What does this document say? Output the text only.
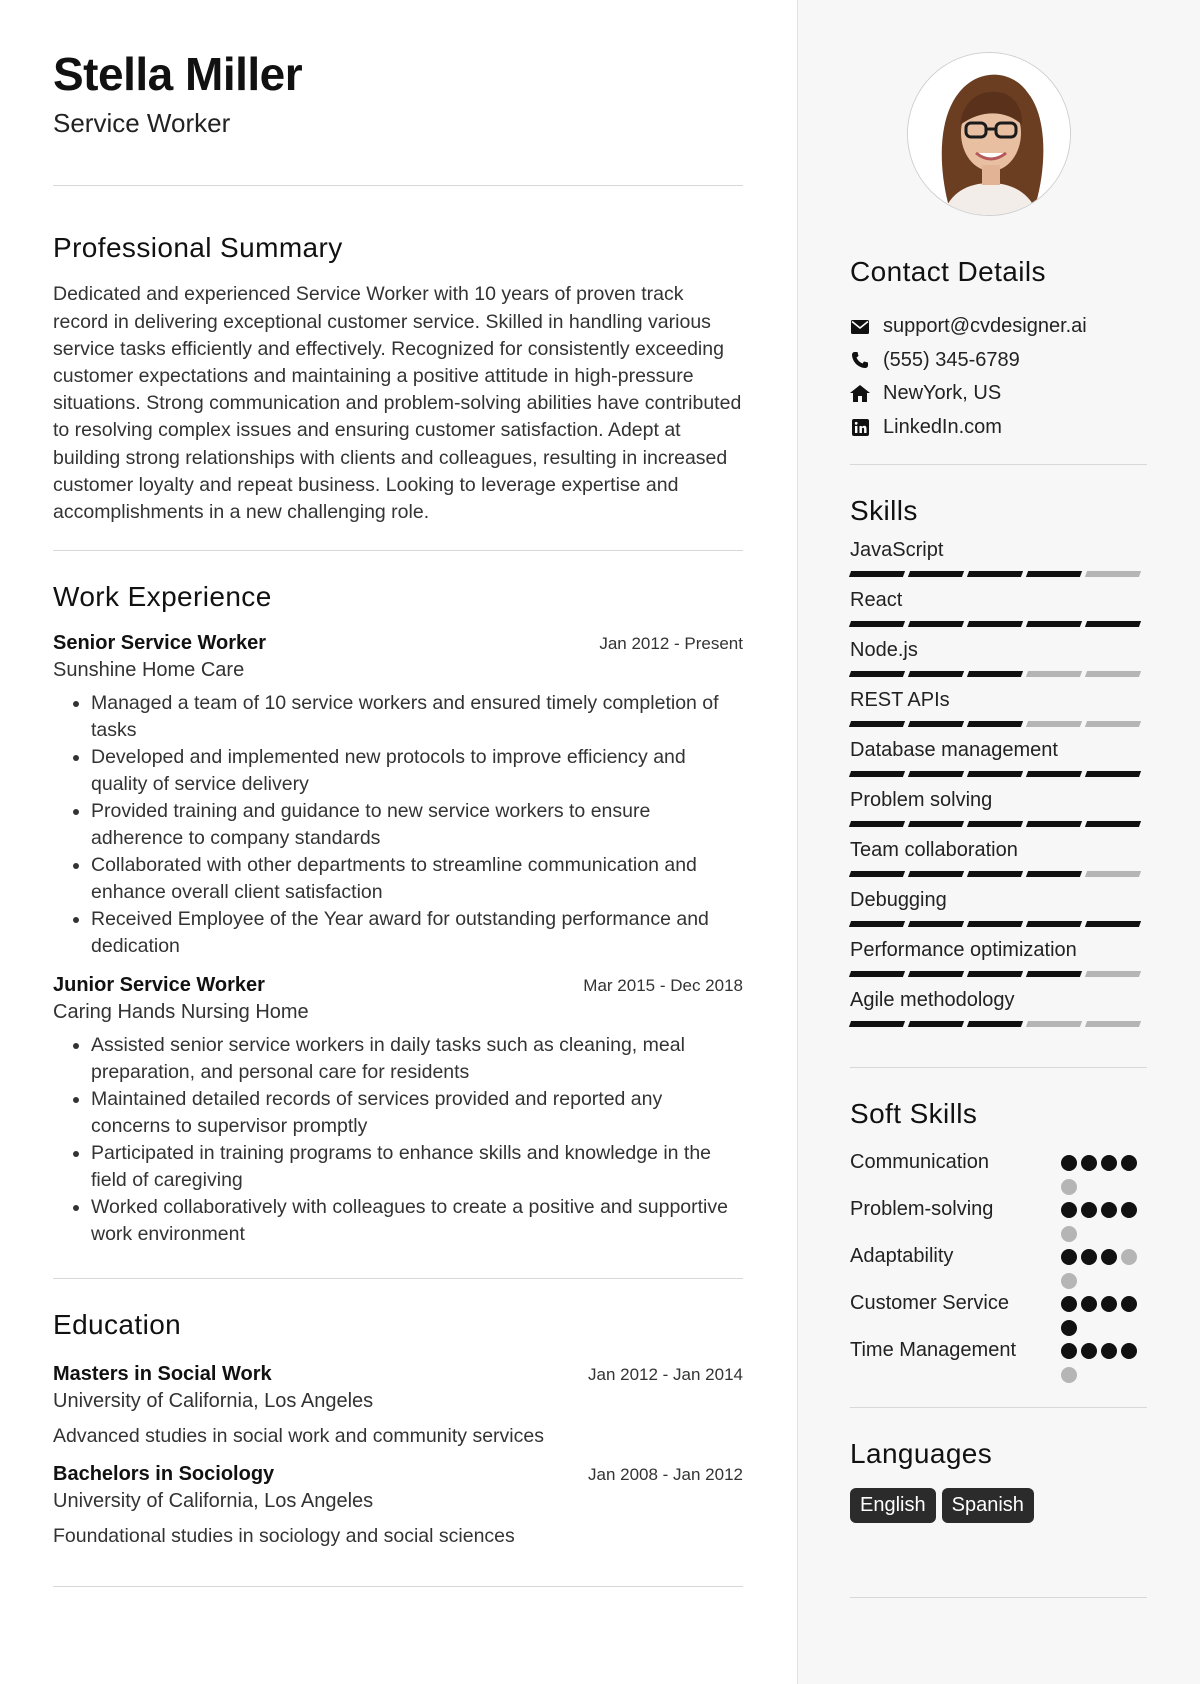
Stella Miller
Service Worker
Professional Summary

Dedicated and experienced Service Worker with 10 years of proven track record in delivering exceptional customer service. Skilled in handling various service tasks efficiently and effectively. Recognized for consistently exceeding customer expectations and maintaining a positive attitude in high-pressure situations. Strong communication and problem-solving abilities have contributed to resolving complex issues and ensuring customer satisfaction. Adept at building strong relationships with clients and colleagues, resulting in increased customer loyalty and repeat business. Looking to leverage expertise and accomplishments in a new challenging role.

Work Experience
Senior Service Worker	Jan 2012 - Present
Sunshine Home Care
• Managed a team of 10 service workers and ensured timely completion of tasks
• Developed and implemented new protocols to improve efficiency and quality of service delivery
• Provided training and guidance to new service workers to ensure adherence to company standards
• Collaborated with other departments to streamline communication and enhance overall client satisfaction
• Received Employee of the Year award for outstanding performance and dedication
Junior Service Worker	Mar 2015 - Dec 2018
Caring Hands Nursing Home
• Assisted senior service workers in daily tasks such as cleaning, meal preparation, and personal care for residents
• Maintained detailed records of services provided and reported any concerns to supervisor promptly
• Participated in training programs to enhance skills and knowledge in the field of caregiving
• Worked collaboratively with colleagues to create a positive and supportive work environment
Education
Masters in Social Work	Jan 2012 - Jan 2014
University of California, Los Angeles
Advanced studies in social work and community services
Bachelors in Sociology	Jan 2008 - Jan 2012
University of California, Los Angeles
Foundational studies in sociology and social sciences
Contact Details
support@cvdesigner.ai
(555) 345-6789
NewYork, US
LinkedIn.com
Skills
JavaScript
React
Node.js
REST APIs
Database management
Problem solving
Team collaboration
Debugging
Performance optimization
Agile methodology
Soft Skills
Communication
Problem-solving
Adaptability
Customer Service
Time Management
Languages
English	Spanish
